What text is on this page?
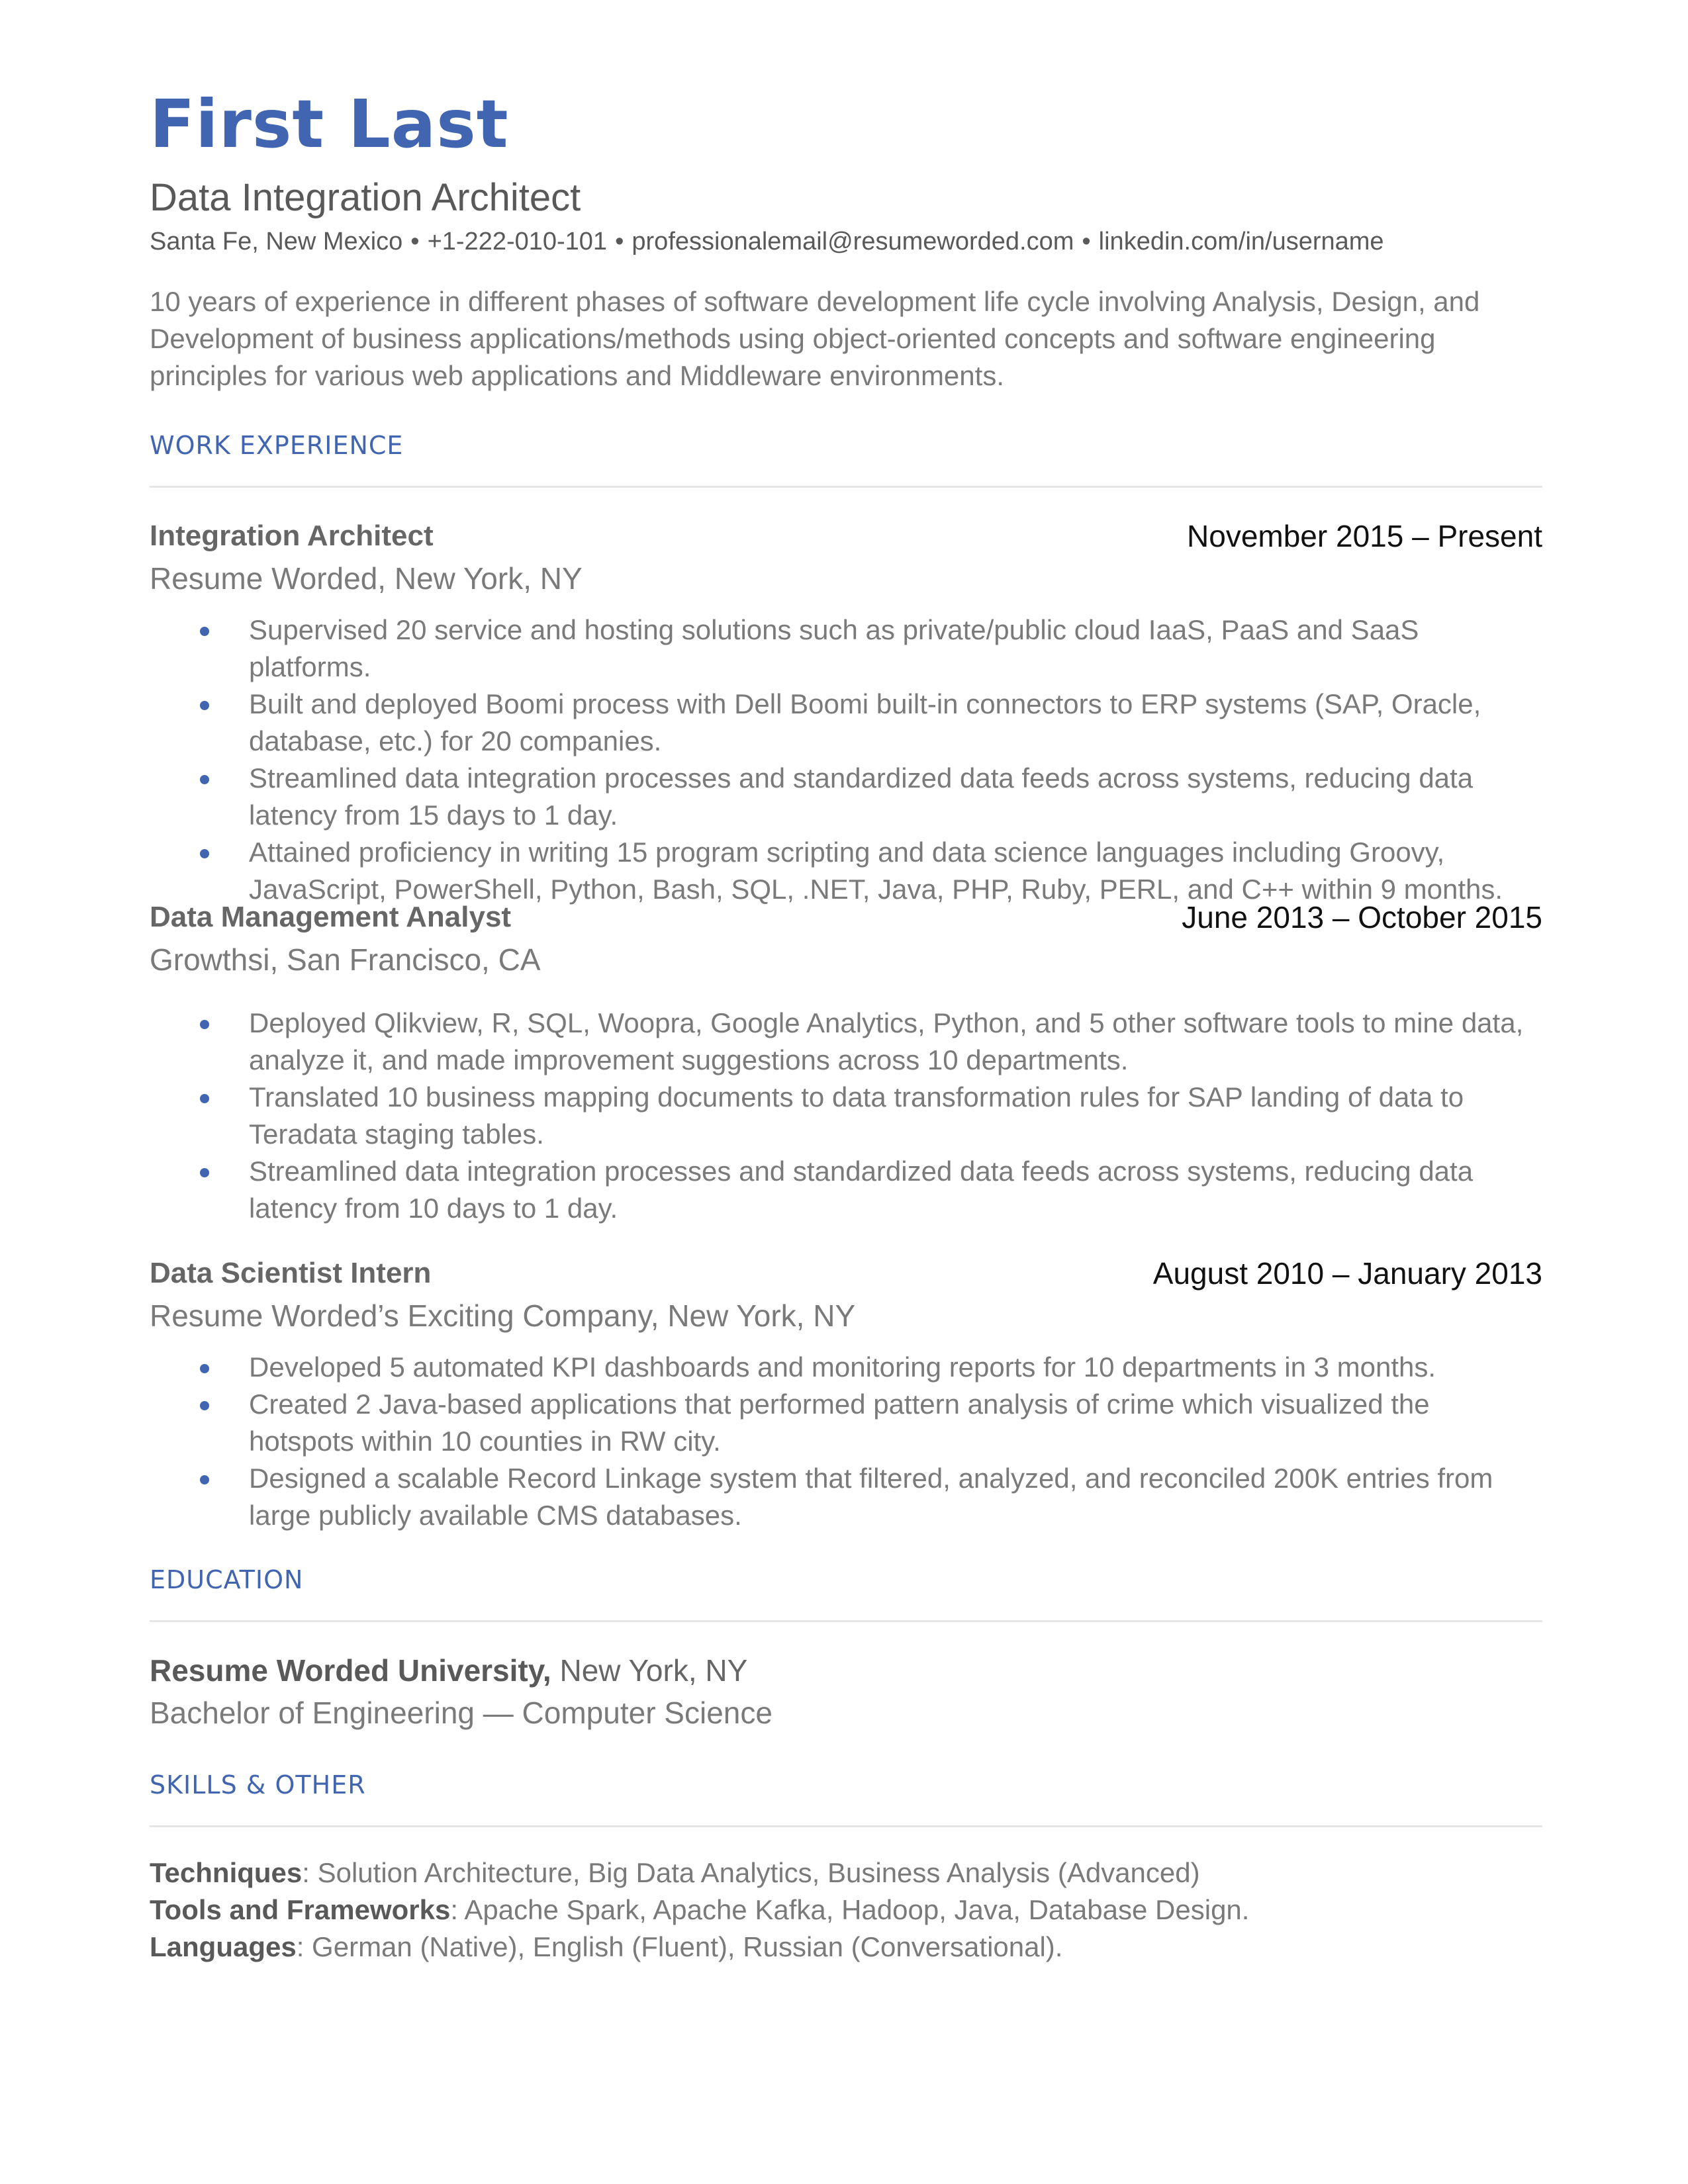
First Last
Data Integration Architect
Santa Fe, New Mexico • +1-222-010-101 • professionalemail@resumeworded.com • linkedin.com/in/username
10 years of experience in different phases of software development life cycle involving Analysis, Design, and Development of business applications/methods using object-oriented concepts and software engineering principles for various web applications and Middleware environments.
WORK EXPERIENCE
Integration Architect	November 2015 – Present
Resume Worded, New York, NY
Supervised 20 service and hosting solutions such as private/public cloud IaaS, PaaS and SaaS platforms.
Built and deployed Boomi process with Dell Boomi built-in connectors to ERP systems (SAP, Oracle, database, etc.) for 20 companies.
Streamlined data integration processes and standardized data feeds across systems, reducing data latency from 15 days to 1 day.
Attained proficiency in writing 15 program scripting and data science languages including Groovy, JavaScript, PowerShell, Python, Bash, SQL, .NET, Java, PHP, Ruby, PERL, and C++ within 9 months.
Data Management Analyst	June 2013 – October 2015
Growthsi, San Francisco, CA
Deployed Qlikview, R, SQL, Woopra, Google Analytics, Python, and 5 other software tools to mine data, analyze it, and made improvement suggestions across 10 departments.
Translated 10 business mapping documents to data transformation rules for SAP landing of data to Teradata staging tables.
Streamlined data integration processes and standardized data feeds across systems, reducing data latency from 10 days to 1 day.
Data Scientist Intern	August 2010 – January 2013
Resume Worded’s Exciting Company, New York, NY
Developed 5 automated KPI dashboards and monitoring reports for 10 departments in 3 months.
Created 2 Java-based applications that performed pattern analysis of crime which visualized the hotspots within 10 counties in RW city.
Designed a scalable Record Linkage system that filtered, analyzed, and reconciled 200K entries from large publicly available CMS databases.
EDUCATION
Resume Worded University, New York, NY
Bachelor of Engineering — Computer Science
SKILLS & OTHER
Techniques: Solution Architecture, Big Data Analytics, Business Analysis (Advanced)
Tools and Frameworks: Apache Spark, Apache Kafka, Hadoop, Java, Database Design.
Languages: German (Native), English (Fluent), Russian (Conversational).
